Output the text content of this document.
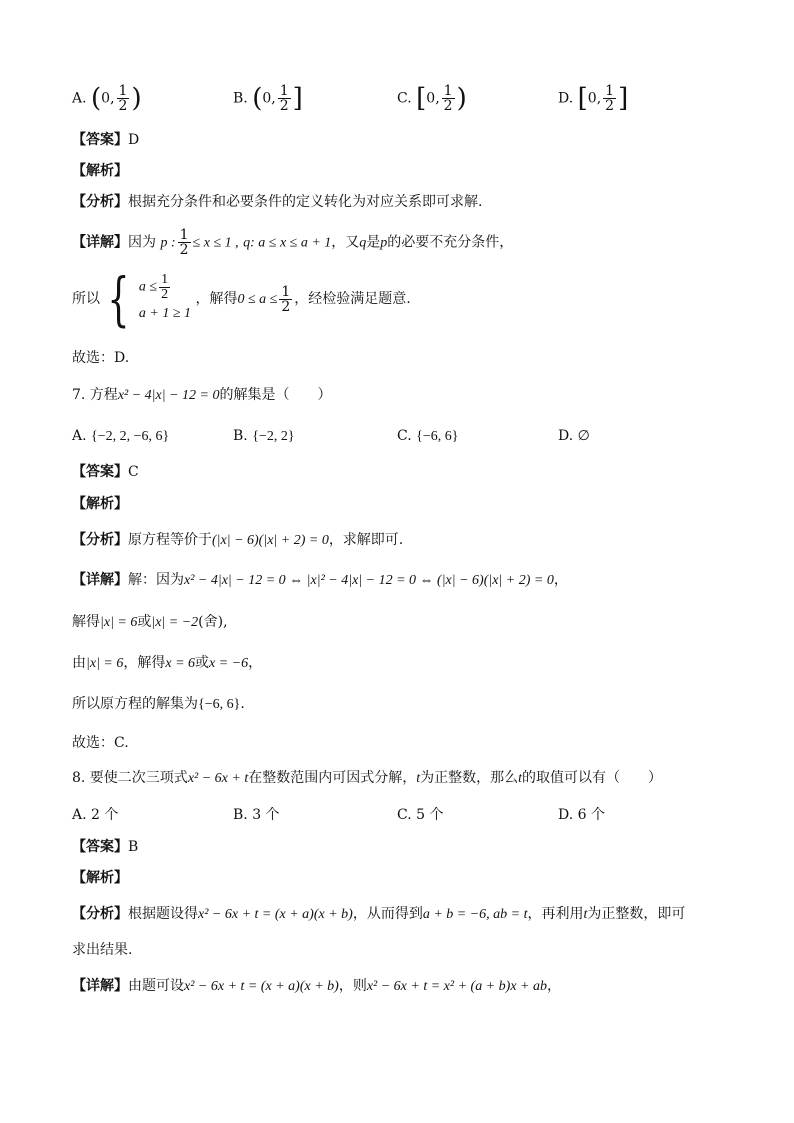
A. (0, $\frac{1}{2}$ )	B. (0, $\frac{1}{2}$ ]	C. [0, $\frac{1}{2}$ )	D. [0, $\frac{1}{2}$ ]
【答案】D
【解析】
【分析】根据充分条件和必要条件的定义转化为对应关系即可求解.
【详解】因为 p : $\frac{1}{2} \le x \le 1$ , q: a ≤ x ≤ a + 1，又q是p的必要不充分条件，
所以 { $a \le \frac{1}{2}$
a + 1 ≥ 1
，解得$0 \le a \le \frac{1}{2}$ ，经检验满足题意.
故选：D.
7. 方程x² − 4|x| − 12 = 0的解集是（　　）
A. {−2, 2, −6, 6}	B. {−2, 2}	C. {−6, 6}	D. ∅
【答案】C
【解析】
【分析】原方程等价于(|x| − 6)(|x| + 2) = 0，求解即可.
【详解】解：因为x² − 4|x| − 12 = 0 ⇔ |x|² − 4|x| − 12 = 0 ⇔ (|x| − 6)(|x| + 2) = 0，
解得|x| = 6或|x| = −2(舍),
由|x| = 6，解得x = 6或x = −6，
所以原方程的解集为{−6, 6}.
故选：C.
8. 要使二次三项式x² − 6x + t在整数范围内可因式分解，t为正整数，那么t的取值可以有（　　）
A. 2 个	B. 3 个	C. 5 个	D. 6 个
【答案】B
【解析】
【分析】根据题设得x² − 6x + t = (x + a)(x + b)，从而得到a + b = −6, ab = t，再利用t为正整数，即可
求出结果.
【详解】由题可设x² − 6x + t = (x + a)(x + b)，则x² − 6x + t = x² + (a + b)x + ab，
